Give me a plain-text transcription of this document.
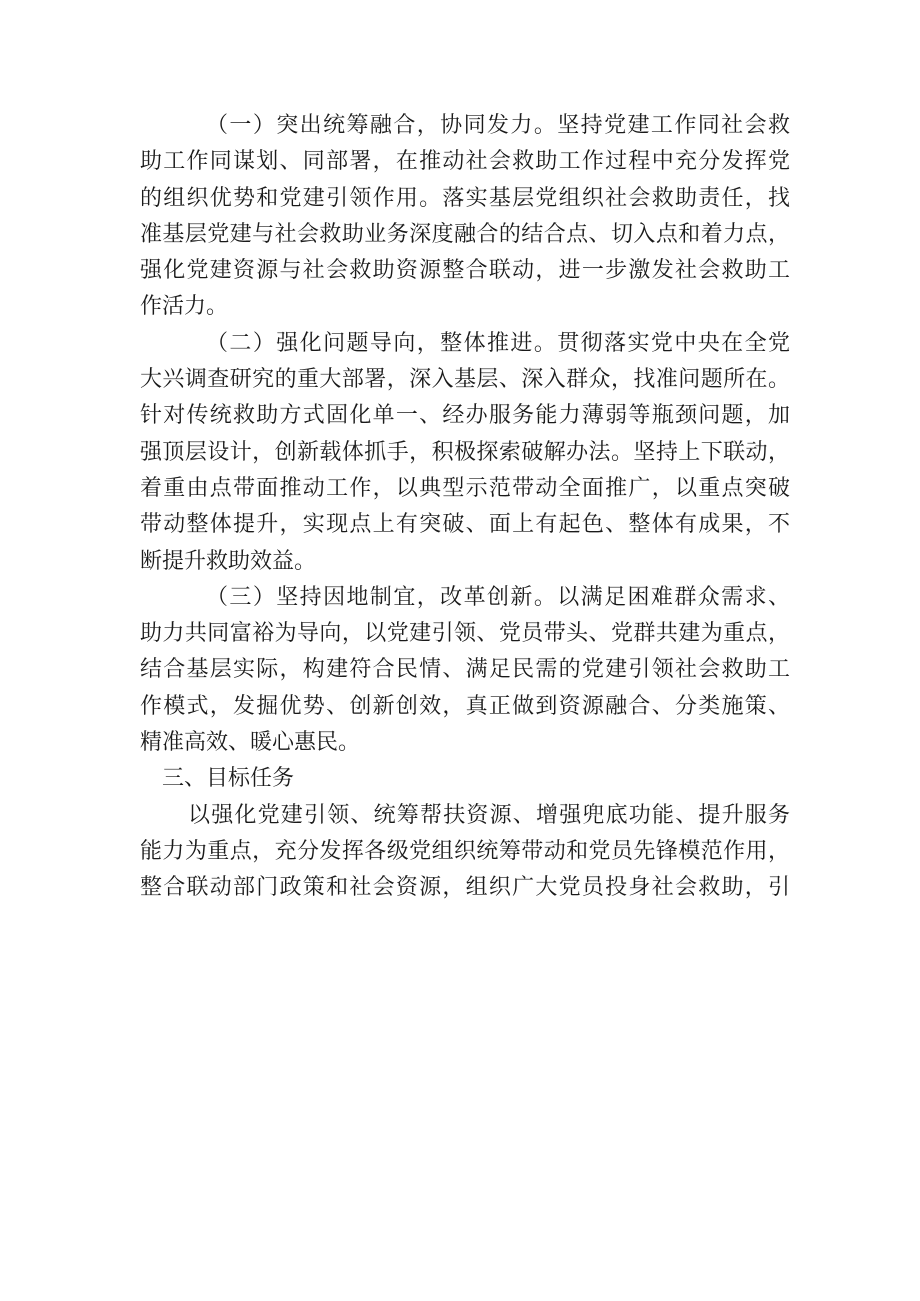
（一）突出统筹融合，协同发力。坚持党建工作同社会救
助工作同谋划、同部署，在推动社会救助工作过程中充分发挥党
的组织优势和党建引领作用。落实基层党组织社会救助责任，找
准基层党建与社会救助业务深度融合的结合点、切入点和着力点，
强化党建资源与社会救助资源整合联动，进一步激发社会救助工
作活力。
（二）强化问题导向，整体推进。贯彻落实党中央在全党
大兴调查研究的重大部署，深入基层、深入群众，找准问题所在。
针对传统救助方式固化单一、经办服务能力薄弱等瓶颈问题，加
强顶层设计，创新载体抓手，积极探索破解办法。坚持上下联动，
着重由点带面推动工作，以典型示范带动全面推广，以重点突破
带动整体提升，实现点上有突破、面上有起色、整体有成果，不
断提升救助效益。
（三）坚持因地制宜，改革创新。以满足困难群众需求、
助力共同富裕为导向，以党建引领、党员带头、党群共建为重点，
结合基层实际，构建符合民情、满足民需的党建引领社会救助工
作模式，发掘优势、创新创效，真正做到资源融合、分类施策、
精准高效、暖心惠民。
三、目标任务
以强化党建引领、统筹帮扶资源、增强兜底功能、提升服务
能力为重点，充分发挥各级党组织统筹带动和党员先锋模范作用，
整合联动部门政策和社会资源，组织广大党员投身社会救助，引
